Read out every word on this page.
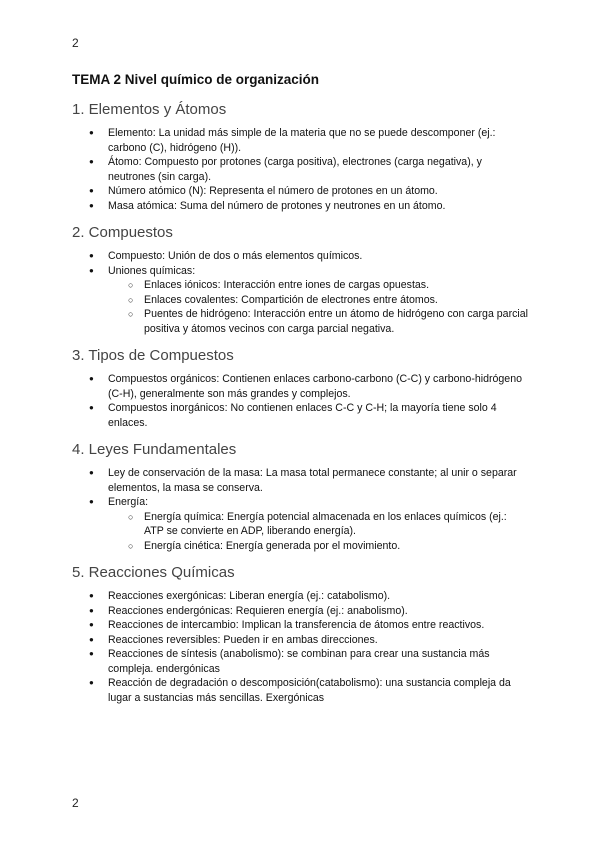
2
TEMA 2 Nivel químico de organización
1. Elementos y Átomos
● Elemento: La unidad más simple de la materia que no se puede descomponer (ej.: carbono (C), hidrógeno (H)).
● Átomo: Compuesto por protones (carga positiva), electrones (carga negativa), y neutrones (sin carga).
● Número atómico (N): Representa el número de protones en un átomo.
● Masa atómica: Suma del número de protones y neutrones en un átomo.
2. Compuestos
● Compuesto: Unión de dos o más elementos químicos.
● Uniones químicas:
○ Enlaces iónicos: Interacción entre iones de cargas opuestas.
○ Enlaces covalentes: Compartición de electrones entre átomos.
○ Puentes de hidrógeno: Interacción entre un átomo de hidrógeno con carga parcial positiva y átomos vecinos con carga parcial negativa.
3. Tipos de Compuestos
● Compuestos orgánicos: Contienen enlaces carbono-carbono (C-C) y carbono-hidrógeno (C-H), generalmente son más grandes y complejos.
● Compuestos inorgánicos: No contienen enlaces C-C y C-H; la mayoría tiene solo 4 enlaces.
4. Leyes Fundamentales
● Ley de conservación de la masa: La masa total permanece constante; al unir o separar elementos, la masa se conserva.
● Energía:
○ Energía química: Energía potencial almacenada en los enlaces químicos (ej.: ATP se convierte en ADP, liberando energía).
○ Energía cinética: Energía generada por el movimiento.
5. Reacciones Químicas
● Reacciones exergónicas: Liberan energía (ej.: catabolismo).
● Reacciones endergónicas: Requieren energía (ej.: anabolismo).
● Reacciones de intercambio: Implican la transferencia de átomos entre reactivos.
● Reacciones reversibles: Pueden ir en ambas direcciones.
● Reacciones de síntesis (anabolismo): se combinan para crear una sustancia más compleja. endergónicas
● Reacción de degradación o descomposición(catabolismo): una sustancia compleja da lugar a sustancias más sencillas. Exergónicas
2
